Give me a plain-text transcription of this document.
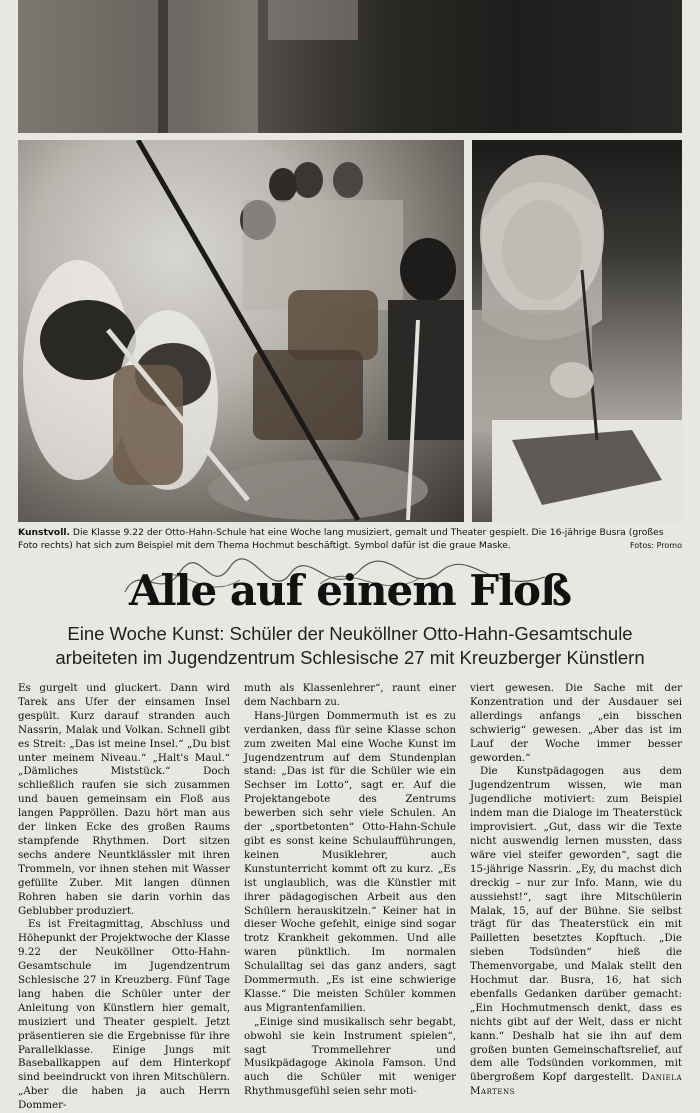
Kunstvoll. Die Klasse 9.22 der Otto-Hahn-Schule hat eine Woche lang musiziert, gemalt und Theater gespielt. Die 16-jährige Busra (großes Foto rechts) hat sich zum Beispiel mit dem Thema Hochmut beschäftigt. Symbol dafür ist die graue Maske.	Fotos: Promo
Alle auf einem Floß
Eine Woche Kunst: Schüler der Neuköllner Otto-Hahn-Gesamtschule
arbeiteten im Jugendzentrum Schlesische 27 mit Kreuzberger Künstlern

Es gurgelt und gluckert. Dann wird Tarek ans Ufer der einsamen Insel gespült. Kurz darauf stranden auch Nassrin, Malak und Volkan. Schnell gibt es Streit: „Das ist meine Insel.“ „Du bist unter meinem Niveau.“ „Halt's Maul.“ „Dämliches Miststück.“ Doch schließlich raufen sie sich zusammen und bauen gemeinsam ein Floß aus langen Pappröllen. Dazu hört man aus der linken Ecke des großen Raums stampfende Rhythmen. Dort sitzen sechs andere Neuntklässler mit ihren Trommeln, vor ihnen stehen mit Wasser gefüllte Zuber. Mit langen dünnen Rohren haben sie darin vorhin das Geblubber produziert.

Es ist Freitagmittag, Abschluss und Höhepunkt der Projektwoche der Klasse 9.22 der Neuköllner Otto-Hahn-Gesamtschule im Jugendzentrum Schlesische 27 in Kreuzberg. Fünf Tage lang haben die Schüler unter der Anleitung von Künstlern hier gemalt, musiziert und Theater gespielt. Jetzt präsentieren sie die Ergebnisse für ihre Parallelklasse. Einige Jungs mit Baseballkappen auf dem Hinterkopf sind beeindruckt von ihren Mitschülern. „Aber die haben ja auch Herrn Dommer-

muth als Klassenlehrer“, raunt einer dem Nachbarn zu.

Hans-Jürgen Dommermuth ist es zu verdanken, dass für seine Klasse schon zum zweiten Mal eine Woche Kunst im Jugendzentrum auf dem Stundenplan stand: „Das ist für die Schüler wie ein Sechser im Lotto“, sagt er. Auf die Projektangebote des Zentrums bewerben sich sehr viele Schulen. An der „sportbetonten“ Otto-Hahn-Schule gibt es sonst keine Schulaufführungen, keinen Musiklehrer, auch Kunstunterricht kommt oft zu kurz. „Es ist unglaublich, was die Künstler mit ihrer pädagogischen Arbeit aus den Schülern herauskitzeln.“ Keiner hat in dieser Woche gefehlt, einige sind sogar trotz Krankheit gekommen. Und alle waren pünktlich. Im normalen Schulalltag sei das ganz anders, sagt Dommermuth. „Es ist eine schwierige Klasse.“ Die meisten Schüler kommen aus Migrantenfamilien.

„Einige sind musikalisch sehr begabt, obwohl sie kein Instrument spielen“, sagt Trommellehrer und Musikpädagoge Akinola Famson. Und auch die Schüler mit weniger Rhythmusgefühl seien sehr moti-

viert gewesen. Die Sache mit der Konzentration und der Ausdauer sei allerdings anfangs „ein bisschen schwierig“ gewesen. „Aber das ist im Lauf der Woche immer besser geworden.“

Die Kunstpädagogen aus dem Jugendzentrum wissen, wie man Jugendliche motiviert: zum Beispiel indem man die Dialoge im Theaterstück improvisiert. „Gut, dass wir die Texte nicht auswendig lernen mussten, dass wäre viel steifer geworden“, sagt die 15-jährige Nassrin. „Ey, du machst dich dreckig – nur zur Info. Mann, wie du aussiehst!“, sagt ihre Mitschülerin Malak, 15, auf der Bühne. Sie selbst trägt für das Theaterstück ein mit Pailletten besetztes Kopftuch. „Die sieben Todsünden“ hieß die Themenvorgabe, und Malak stellt den Hochmut dar. Busra, 16, hat sich ebenfalls Gedanken darüber gemacht: „Ein Hochmutmensch denkt, dass es nichts gibt auf der Welt, dass er nicht kann.“ Deshalb hat sie ihn auf dem großen bunten Gemeinschaftsrelief, auf dem alle Todsünden vorkommen, mit übergroßem Kopf dargestellt. Daniela Martens
